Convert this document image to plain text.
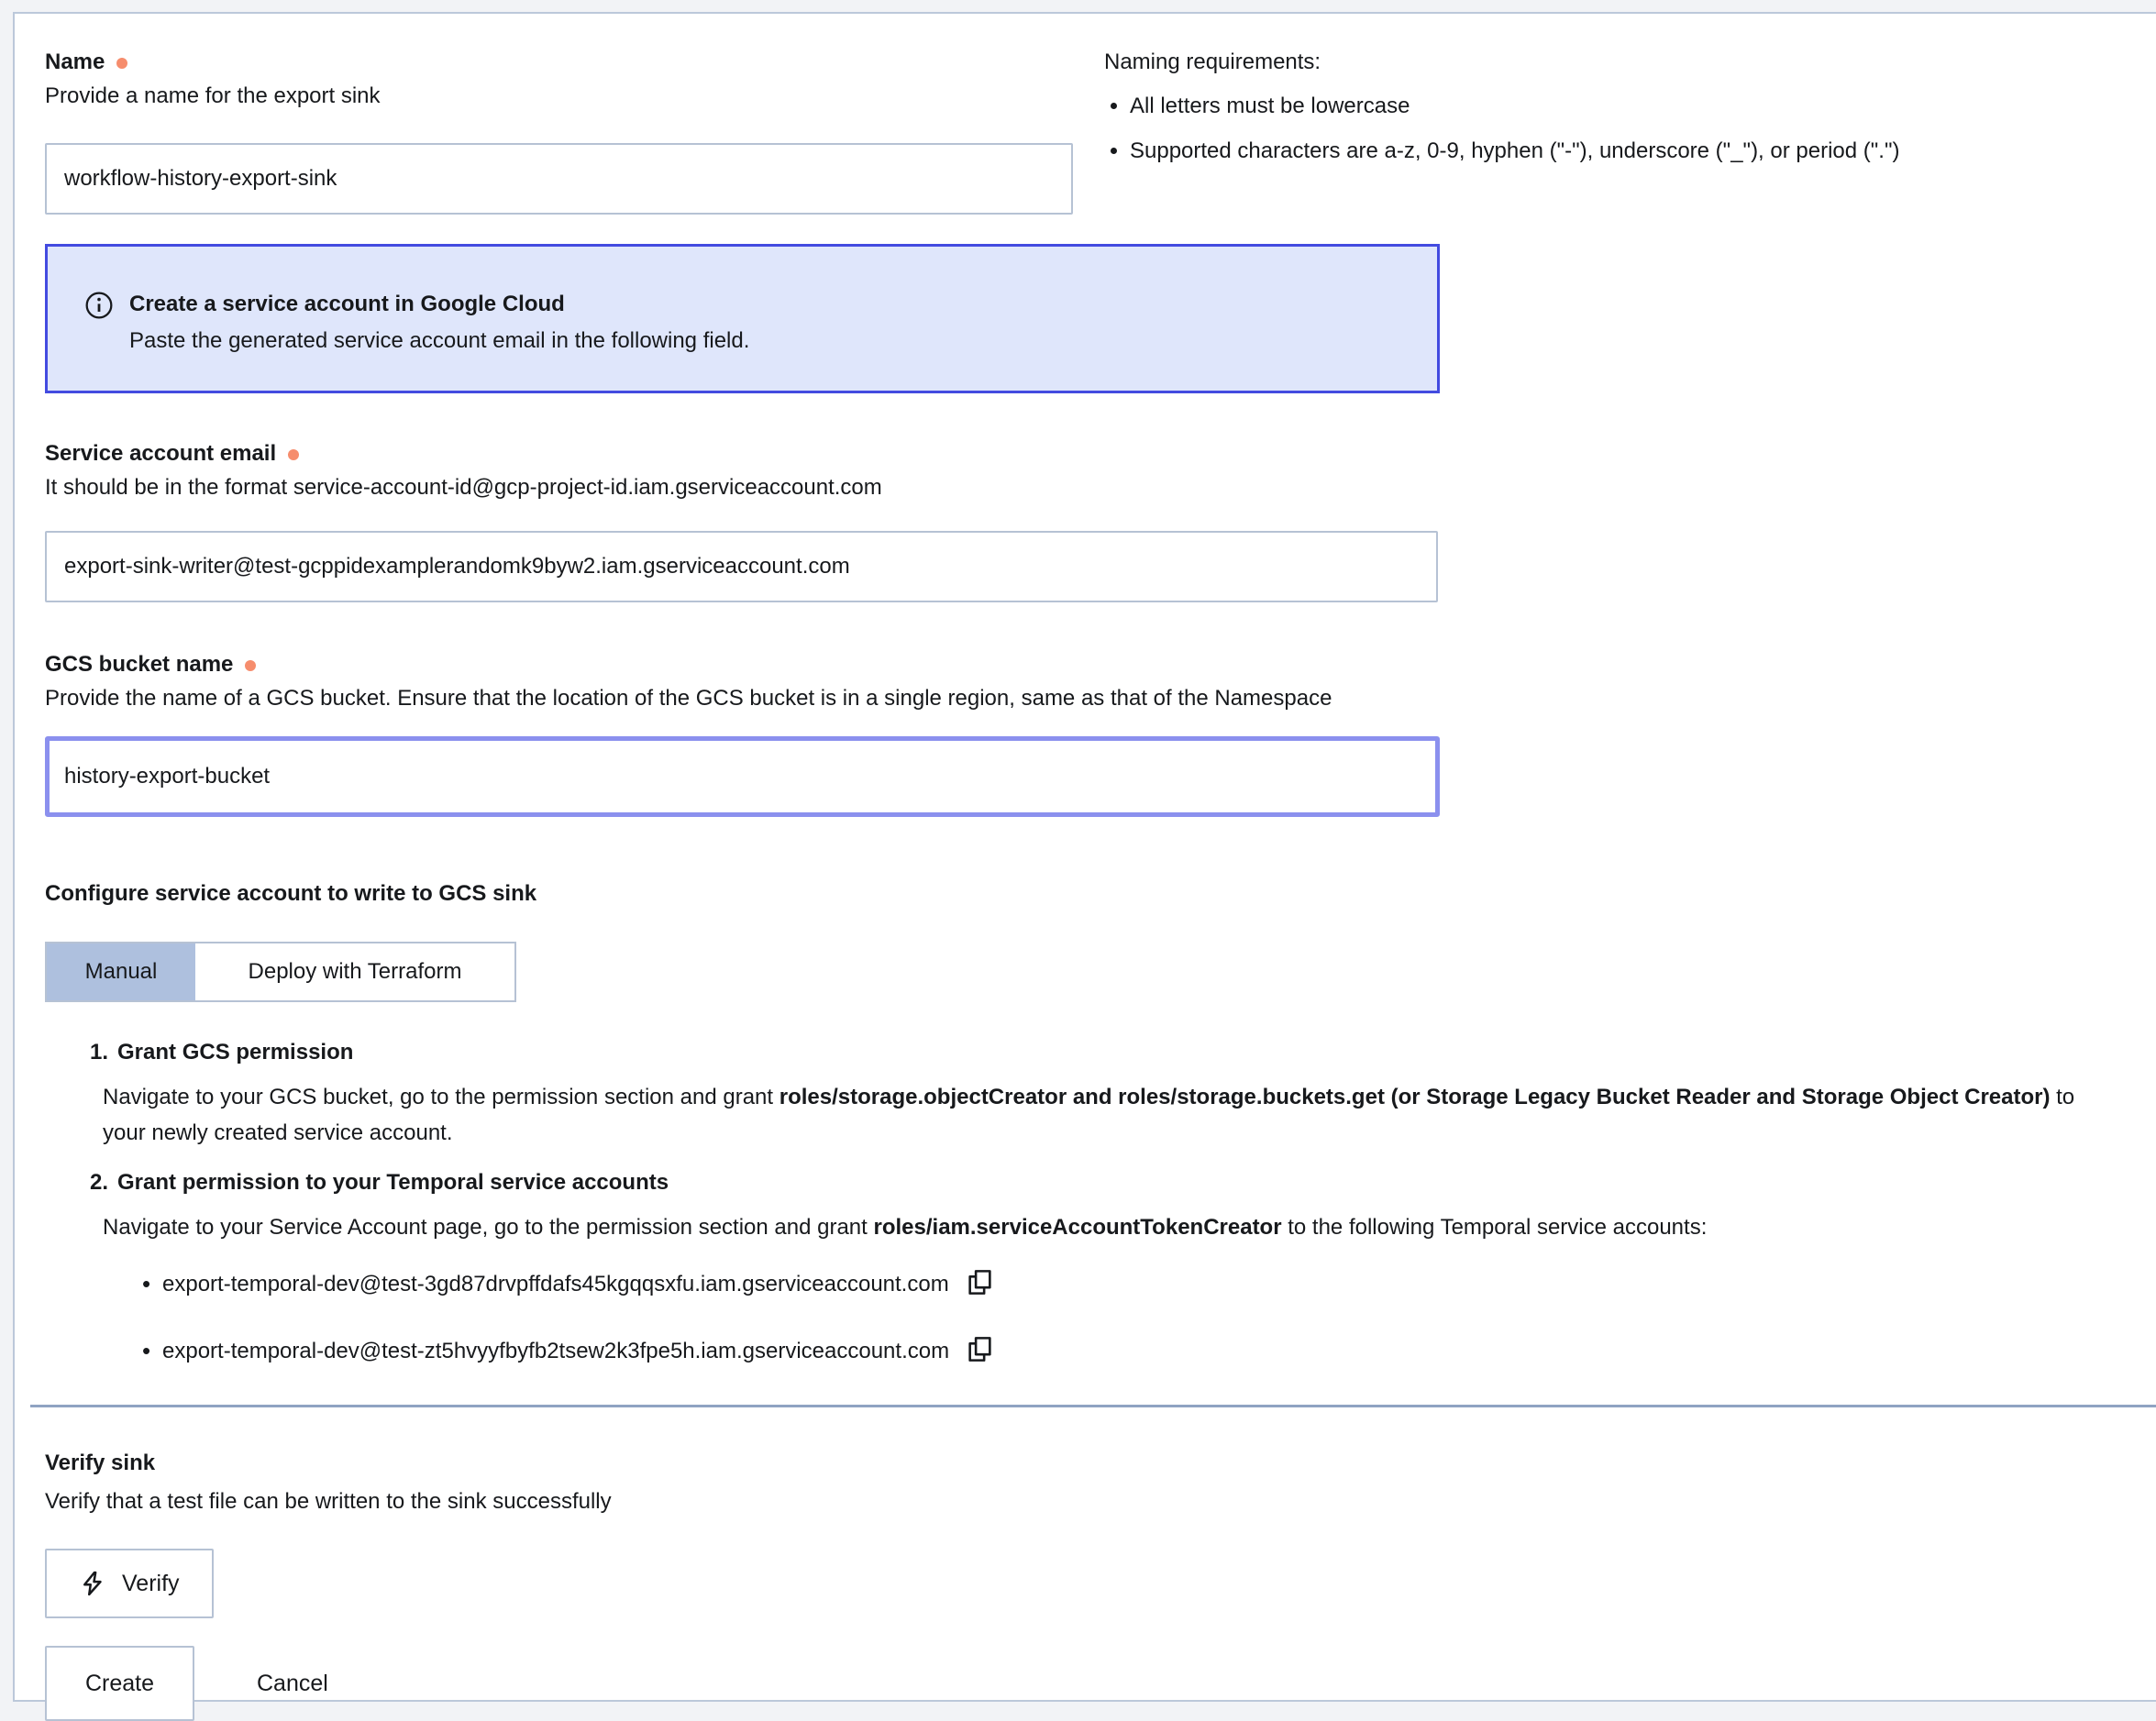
Name
Provide a name for the export sink
workflow-history-export-sink
Naming requirements:
• All letters must be lowercase
• Supported characters are a-z, 0-9, hyphen ("-"), underscore ("_"), or period (".")
Create a service account in Google Cloud
Paste the generated service account email in the following field.
Service account email
It should be in the format service-account-id@gcp-project-id.iam.gserviceaccount.com
export-sink-writer@test-gcppidexamplerandomk9byw2.iam.gserviceaccount.com
GCS bucket name
Provide the name of a GCS bucket. Ensure that the location of the GCS bucket is in a single region, same as that of the Namespace
history-export-bucket
Configure service account to write to GCS sink
Manual	Deploy with Terraform
1. Grant GCS permission
Navigate to your GCS bucket, go to the permission section and grant roles/storage.objectCreator and roles/storage.buckets.get (or Storage Legacy Bucket Reader and Storage Object Creator) to your newly created service account.
2. Grant permission to your Temporal service accounts
Navigate to your Service Account page, go to the permission section and grant roles/iam.serviceAccountTokenCreator to the following Temporal service accounts:
• export-temporal-dev@test-3gd87drvpffdafs45kgqqsxfu.iam.gserviceaccount.com
• export-temporal-dev@test-zt5hvyyfbyfb2tsew2k3fpe5h.iam.gserviceaccount.com
Verify sink
Verify that a test file can be written to the sink successfully
Verify
Create	Cancel
